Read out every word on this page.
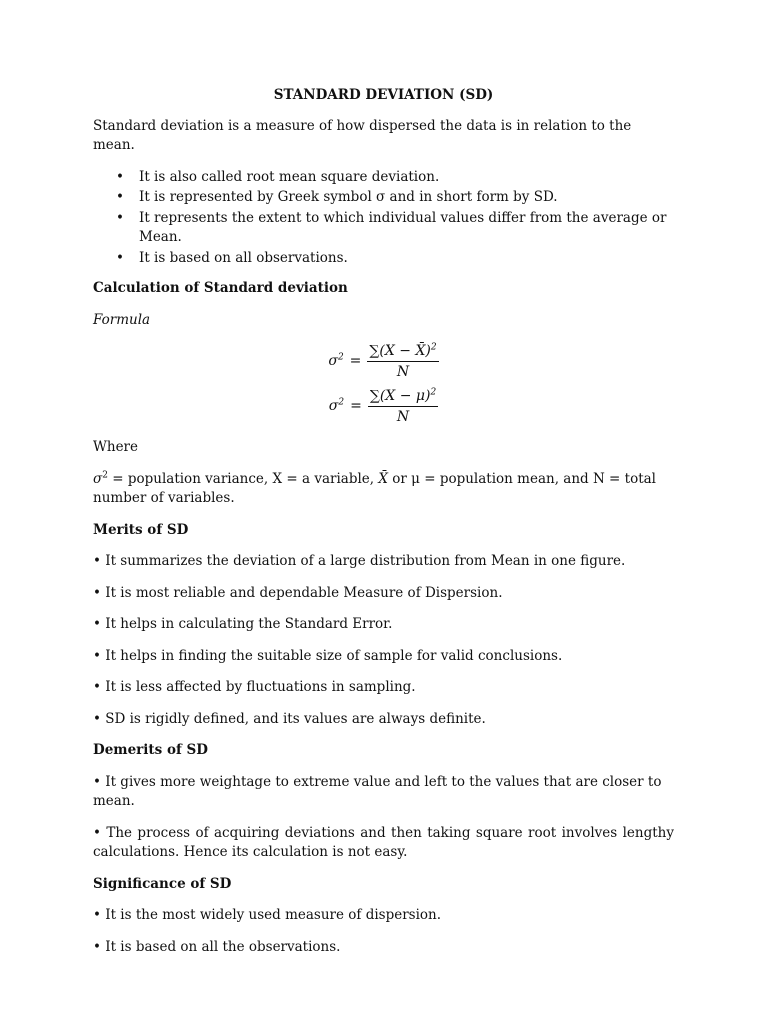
STANDARD DEVIATION (SD)

Standard deviation is a measure of how dispersed the data is in relation to the mean.

• It is also called root mean square deviation.
• It is represented by Greek symbol σ and in short form by SD.
• It represents the extent to which individual values differ from the average or Mean.
• It is based on all observations.
Calculation of Standard deviation

Formula

$\sigma^2 = \frac{\sum(X - X̄)^2}{N}$
$\sigma^2 = \frac{\sum(X - \mu)^2}{N}$

Where

$\sigma^2$ = population variance, X = a variable, X̄ or μ = population mean, and N = total number of variables.

Merits of SD

• It summarizes the deviation of a large distribution from Mean in one figure.

• It is most reliable and dependable Measure of Dispersion.

• It helps in calculating the Standard Error.

• It helps in finding the suitable size of sample for valid conclusions.

• It is less affected by fluctuations in sampling.

• SD is rigidly defined, and its values are always definite.

Demerits of SD

• It gives more weightage to extreme value and left to the values that are closer to mean.

• The process of acquiring deviations and then taking square root involves lengthy calculations. Hence its calculation is not easy.

Significance of SD

• It is the most widely used measure of dispersion.

• It is based on all the observations.
